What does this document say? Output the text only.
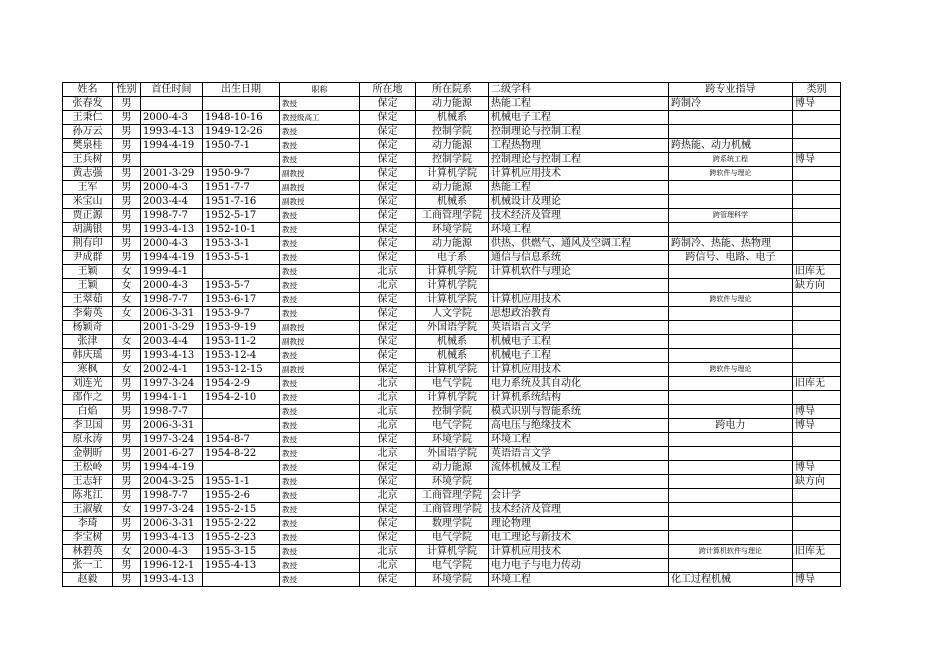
姓名	性别	首任时间	出生日期	职称	所在地	所在院系	二级学科	跨专业指导	类别
张春发	男			教授	保定	动力能源	热能工程	跨制冷	博导
王秉仁	男	2000-4-3	1948-10-16	教授级高工	保定	机械系	机械电子工程		
孙万云	男	1993-4-13	1949-12-26	教授	保定	控制学院	控制理论与控制工程		
樊泉桂	男	1994-4-19	1950-7-1	教授	保定	动力能源	工程热物理	跨热能、动力机械	
王兵树	男			教授	保定	控制学院	控制理论与控制工程	跨系统工程	博导
黄志强	男	2001-3-29	1950-9-7	副教授	保定	计算机学院	计算机应用技术	跨软件与理论	
王军	男	2000-4-3	1951-7-7	副教授	保定	动力能源	热能工程		
米宝山	男	2003-4-4	1951-7-16	副教授	保定	机械系	机械设计及理论		
贾正源	男	1998-7-7	1952-5-17	教授	保定	工商管理学院	技术经济及管理	跨管理科学	
胡满银	男	1993-4-13	1952-10-1	教授	保定	环境学院	环境工程		
荆有印	男	2000-4-3	1953-3-1	教授	保定	动力能源	供热、供燃气、通风及空调工程	跨制冷、热能、热物理	
尹成群	男	1994-4-19	1953-5-1	教授	保定	电子系	通信与信息系统	跨信号、电路、电子	
王颖	女	1999-4-1		教授	北京	计算机学院	计算机软件与理论		旧库无
王颖	女	2000-4-3	1953-5-7	教授	北京	计算机学院			缺方向
王翠茹	女	1998-7-7	1953-6-17	教授	保定	计算机学院	计算机应用技术	跨软件与理论	
李菊英	女	2006-3-31	1953-9-7	教授	保定	人文学院	思想政治教育		
杨颖奇		2001-3-29	1953-9-19	副教授	保定	外国语学院	英语语言文学		
张津	女	2003-4-4	1953-11-2	副教授	保定	机械系	机械电子工程		
韩庆瑶	男	1993-4-13	1953-12-4	教授	保定	机械系	机械电子工程		
寒枫	女	2002-4-1	1953-12-15	副教授	保定	计算机学院	计算机应用技术	跨软件与理论	
刘连光	男	1997-3-24	1954-2-9	教授	北京	电气学院	电力系统及其自动化		旧库无
邵作之	男	1994-1-1	1954-2-10	教授	北京	计算机学院	计算机系统结构		
白焰	男	1998-7-7		教授	北京	控制学院	模式识别与智能系统		博导
李卫国	男	2006-3-31		教授	北京	电气学院	高电压与绝缘技术	跨电力	博导
原永涛	男	1997-3-24	1954-8-7	教授	保定	环境学院	环境工程		
金朝昕	男	2001-6-27	1954-8-22	教授	北京	外国语学院	英语语言文学		
王松岭	男	1994-4-19		教授	保定	动力能源	流体机械及工程		博导
王志轩	男	2004-3-25	1955-1-1	教授	保定	环境学院			缺方向
陈兆江	男	1998-7-7	1955-2-6	教授	北京	工商管理学院	会计学		
王淑敏	女	1997-3-24	1955-2-15	教授	保定	工商管理学院	技术经济及管理		
李琦	男	2006-3-31	1955-2-22	教授	保定	数理学院	理论物理		
李宝树	男	1993-4-13	1955-2-23	教授	保定	电气学院	电工理论与新技术		
林碧英	女	2000-4-3	1955-3-15	教授	北京	计算机学院	计算机应用技术	跨计算机软件与理论	旧库无
张一工	男	1996-12-1	1955-4-13	教授	北京	电气学院	电力电子与电力传动		
赵毅	男	1993-4-13		教授	保定	环境学院	环境工程	化工过程机械	博导
